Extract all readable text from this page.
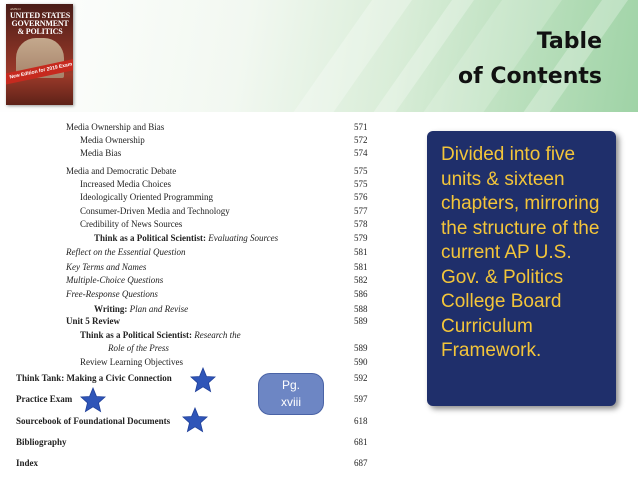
AMSCO
UNITED STATES GOVERNMENT & POLITICS
New Edition for 2019 Exam
Table
of Contents
Media Ownership and Bias	571
Media Ownership	572
Media Bias	574
Media and Democratic Debate	575
Increased Media Choices	575
Ideologically Oriented Programming	576
Consumer-Driven Media and Technology	577
Credibility of News Sources	578
Think as a Political Scientist: Evaluating Sources	579
Reflect on the Essential Question	581
Key Terms and Names	581
Multiple-Choice Questions	582
Free-Response Questions	586
Writing: Plan and Revise	588
Unit 5 Review	589
Think as a Political Scientist: Research the
Role of the Press	589
Review Learning Objectives	590
Think Tank: Making a Civic Connection	592
Practice Exam	597
Sourcebook of Foundational Documents	618
Bibliography	681
Index	687
Divided into five units & sixteen chapters, mirroring the structure of the current AP U.S. Gov. & Politics College Board Curriculum Framework.
Pg.
xviii
